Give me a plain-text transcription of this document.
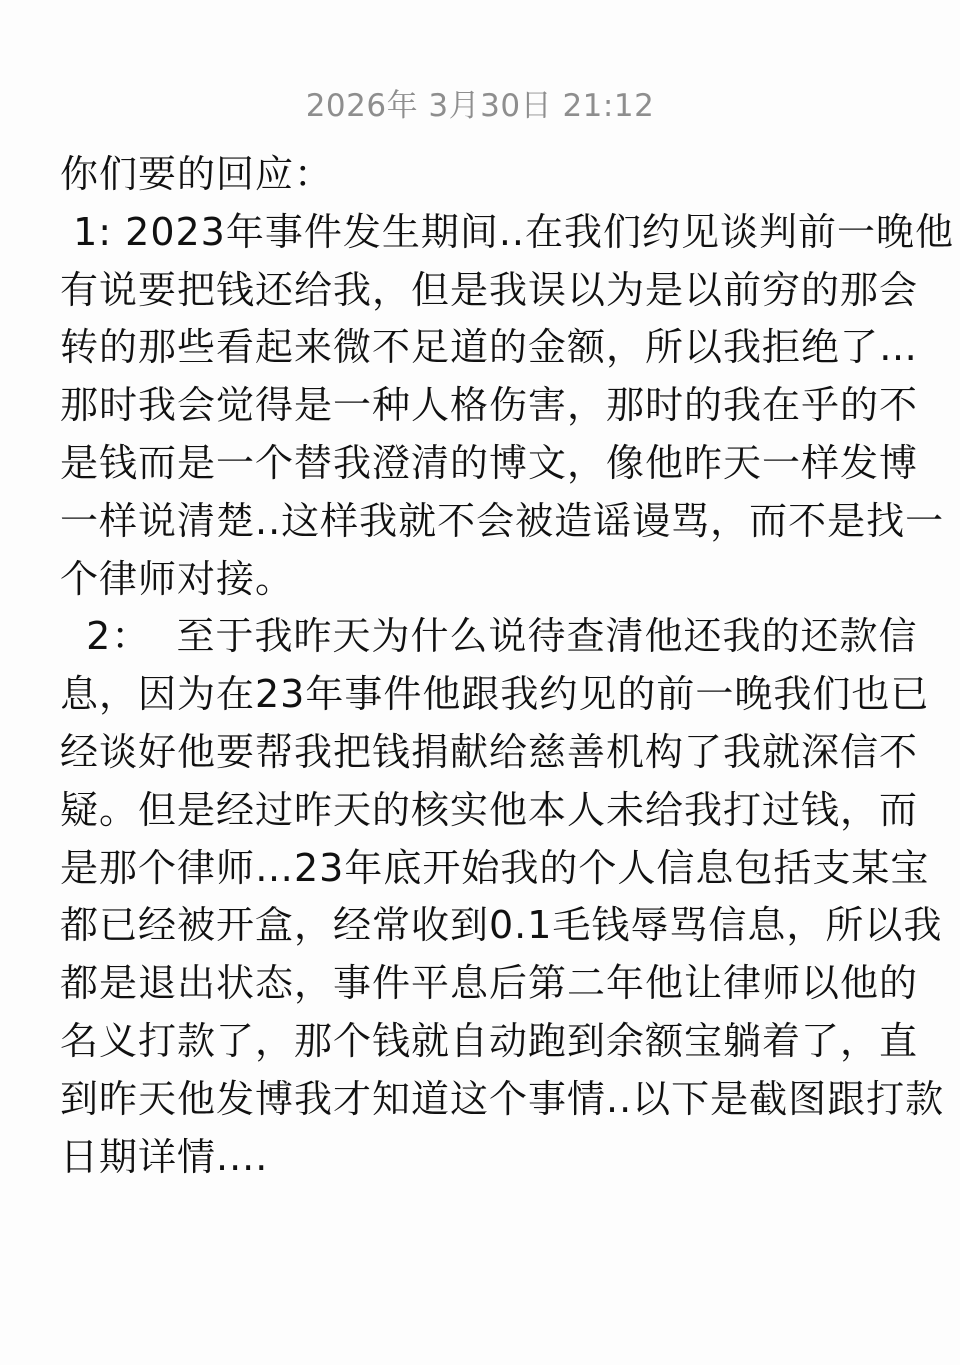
2026年 3月30日 21:12
你们要的回应：
1: 2023年事件发生期间..在我们约见谈判前一晚他
有说要把钱还给我，但是我误以为是以前穷的那会
转的那些看起来微不足道的金额，所以我拒绝了…
那时我会觉得是一种人格伤害，那时的我在乎的不
是钱而是一个替我澄清的博文，像他昨天一样发博
一样说清楚..这样我就不会被造谣谩骂，而不是找一
个律师对接。
2：  至于我昨天为什么说待查清他还我的还款信
息，因为在23年事件他跟我约见的前一晚我们也已
经谈好他要帮我把钱捐献给慈善机构了我就深信不
疑。但是经过昨天的核实他本人未给我打过钱，而
是那个律师…23年底开始我的个人信息包括支某宝
都已经被开盒，经常收到0.1毛钱辱骂信息，所以我
都是退出状态，事件平息后第二年他让律师以他的
名义打款了，那个钱就自动跑到余额宝躺着了，直
到昨天他发博我才知道这个事情..以下是截图跟打款
日期详情....
